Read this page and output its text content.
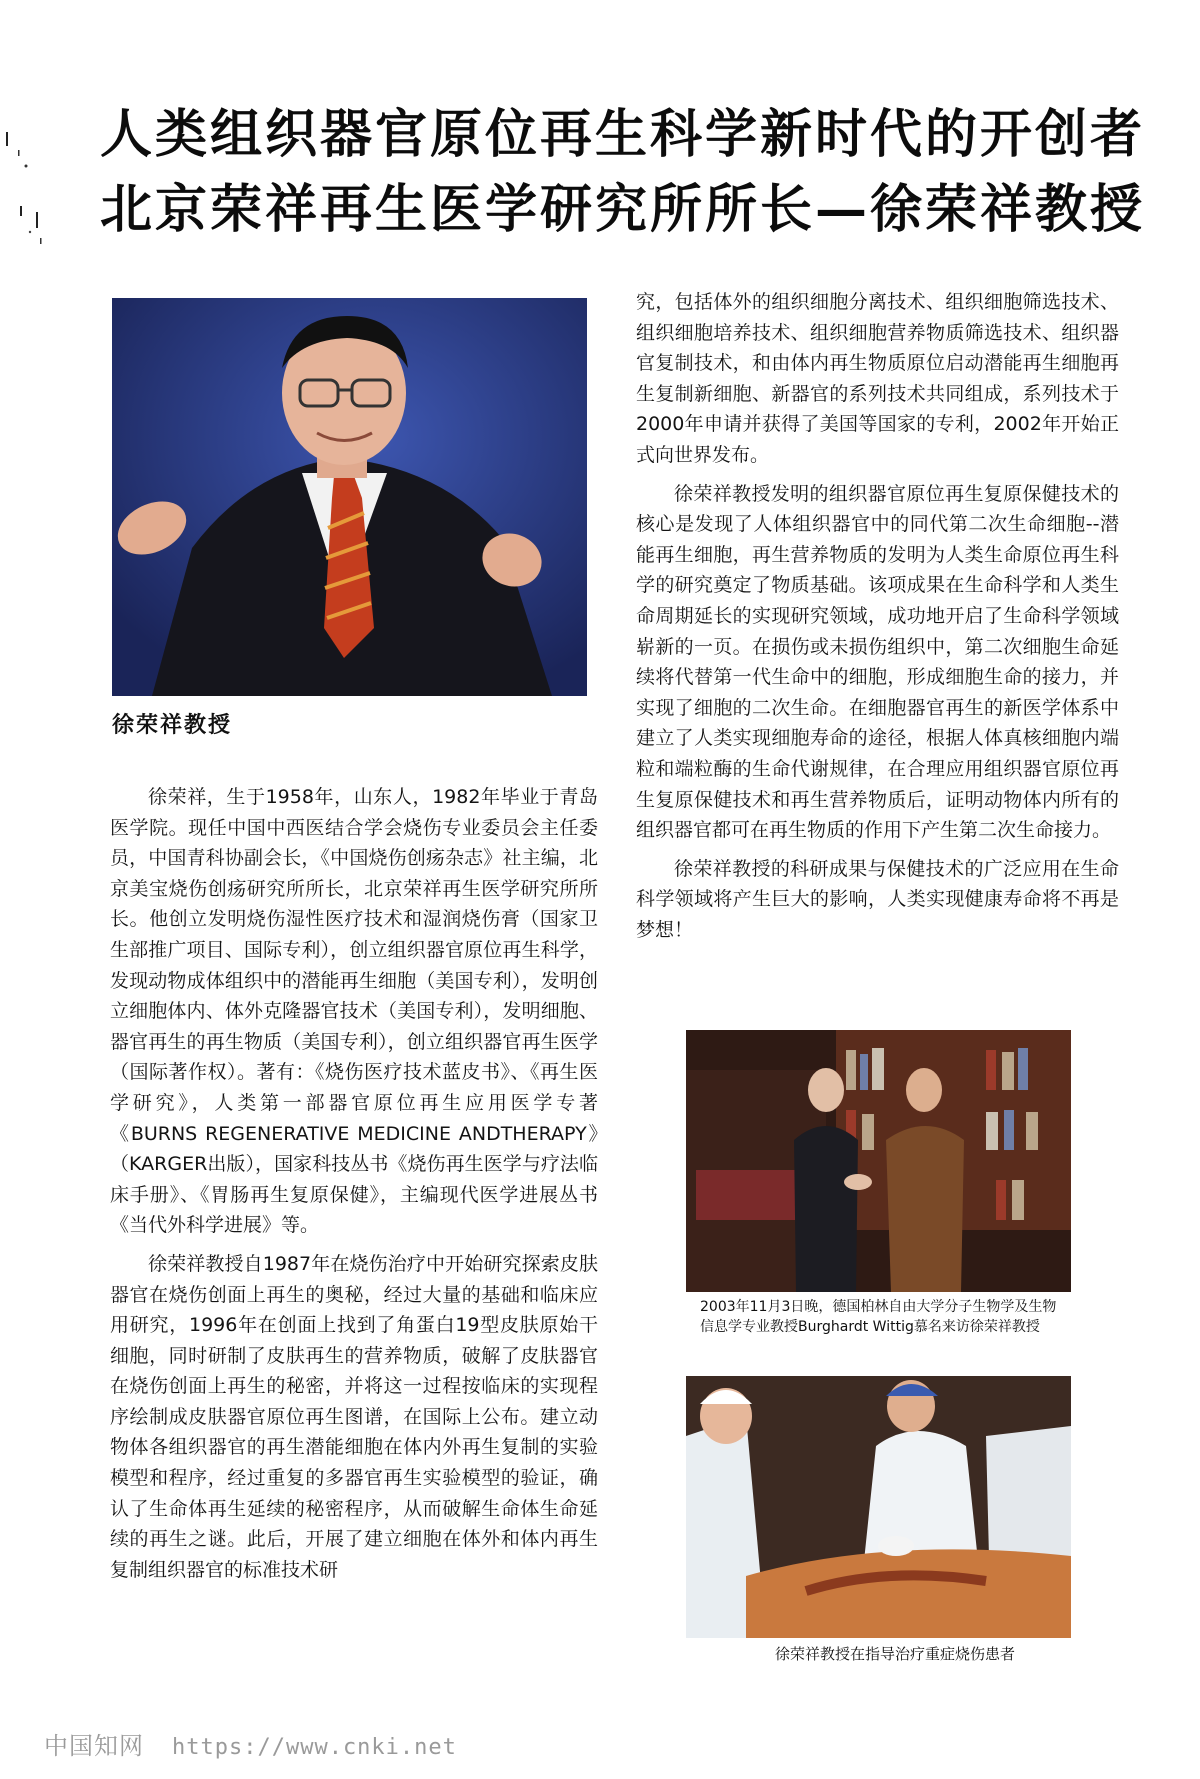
人类组织器官原位再生科学新时代的开创者
北京荣祥再生医学研究所所长—徐荣祥教授
徐荣祥教授

徐荣祥，生于1958年，山东人，1982年毕业于青岛医学院。现任中国中西医结合学会烧伤专业委员会主任委员，中国青科协副会长，《中国烧伤创疡杂志》社主编，北京美宝烧伤创疡研究所所长，北京荣祥再生医学研究所所长。他创立发明烧伤湿性医疗技术和湿润烧伤膏（国家卫生部推广项目、国际专利），创立组织器官原位再生科学，发现动物成体组织中的潜能再生细胞（美国专利），发明创立细胞体内、体外克隆器官技术（美国专利），发明细胞、器官再生的再生物质（美国专利），创立组织器官再生医学（国际著作权）。著有：《烧伤医疗技术蓝皮书》、《再生医学研究》，人类第一部器官原位再生应用医学专著《BURNS REGENERATIVE MEDICINE ANDTHERAPY》（KARGER出版），国家科技丛书《烧伤再生医学与疗法临床手册》、《胃肠再生复原保健》，主编现代医学进展丛书《当代外科学进展》等。

徐荣祥教授自1987年在烧伤治疗中开始研究探索皮肤器官在烧伤创面上再生的奥秘，经过大量的基础和临床应用研究，1996年在创面上找到了角蛋白19型皮肤原始干细胞，同时研制了皮肤再生的营养物质，破解了皮肤器官在烧伤创面上再生的秘密，并将这一过程按临床的实现程序绘制成皮肤器官原位再生图谱，在国际上公布。建立动物体各组织器官的再生潜能细胞在体内外再生复制的实验模型和程序，经过重复的多器官再生实验模型的验证，确认了生命体再生延续的秘密程序，从而破解生命体生命延续的再生之谜。此后，开展了建立细胞在体外和体内再生复制组织器官的标准技术研

究，包括体外的组织细胞分离技术、组织细胞筛选技术、组织细胞培养技术、组织细胞营养物质筛选技术、组织器官复制技术，和由体内再生物质原位启动潜能再生细胞再生复制新细胞、新器官的系列技术共同组成，系列技术于2000年申请并获得了美国等国家的专利，2002年开始正式向世界发布。

徐荣祥教授发明的组织器官原位再生复原保健技术的核心是发现了人体组织器官中的同代第二次生命细胞--潜能再生细胞，再生营养物质的发明为人类生命原位再生科学的研究奠定了物质基础。该项成果在生命科学和人类生命周期延长的实现研究领域，成功地开启了生命科学领域崭新的一页。在损伤或未损伤组织中，第二次细胞生命延续将代替第一代生命中的细胞，形成细胞生命的接力，并实现了细胞的二次生命。在细胞器官再生的新医学体系中建立了人类实现细胞寿命的途径，根据人体真核细胞内端粒和端粒酶的生命代谢规律，在合理应用组织器官原位再生复原保健技术和再生营养物质后，证明动物体内所有的组织器官都可在再生物质的作用下产生第二次生命接力。

徐荣祥教授的科研成果与保健技术的广泛应用在生命科学领域将产生巨大的影响，人类实现健康寿命将不再是梦想！

2003年11月3日晚，德国柏林自由大学分子生物学及生物信息学专业教授Burghardt Wittig慕名来访徐荣祥教授
徐荣祥教授在指导治疗重症烧伤患者
中国知网 https://www.cnki.net
